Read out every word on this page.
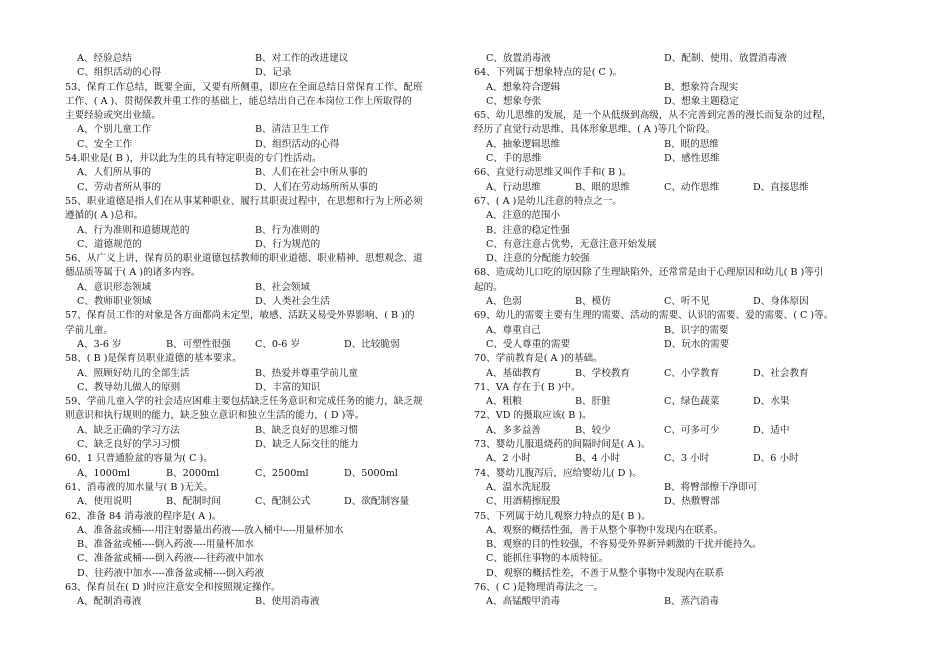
A、经验总结	B、对工作的改进建议
C、组织活动的心得	D、记录
53、保育工作总结，既要全面，又要有所侧重，即应在全面总结日常保育工作、配班
工作、( A )、贯彻保教并重工作的基础上，能总结出自己在本岗位工作上所取得的
主要经验或突出业绩。
A、个别儿童工作	B、清洁卫生工作
C、安全工作	D、组织活动的心得
54.职业是( B )，并以此为生的具有特定职责的专门性活动。
A、人们所从事的	B、人们在社会中所从事的
C、劳动者所从事的	D、人们在劳动场所所从事的
55、职业道德是指人们在从事某种职业、履行其职责过程中，在思想和行为上所必须
遵循的( A )总和。
A、行为准则和道德规范的	B、行为准则的
C、道德规范的	D、行为规范的
56、从广义上讲，保育员的职业道德包括教师的职业道德、职业精神、思想观念、道
德品质等属于( A )的诸多内容。
A、意识形态领域	B、社会领域
C、教师职业领域	D、人类社会生活
57、保育员工作的对象是各方面都尚未定型，敏感、活跃又易受外界影响、( B )的
学前儿童。
A、3-6 岁	B、可塑性很强	C、0-6 岁	D、比较脆弱
58、( B )是保育员职业道德的基本要求。
A、照顾好幼儿的全部生活	B、热爱并尊重学前儿童
C、教导幼儿做人的原则	D、丰富的知识
59、学前儿童入学的社会适应困难主要包括缺乏任务意识和完成任务的能力，缺乏规
则意识和执行规则的能力，缺乏独立意识和独立生活的能力，( D )等。
A、缺乏正确的学习方法	B、缺乏良好的思维习惯
C、缺乏良好的学习习惯	D、缺乏人际交往的能力
60、1 只普通脸盆的容量为( C )。
A、1000ml	B、2000ml	C、2500ml	D、5000ml
61、消毒液的加水量与( B )无关。
A、使用说明	B、配制时间	C、配制公式	D、欲配制容量
62、准备 84 消毒液的程序是( A )。
A、准备盆或桶----用注射器量出药液----放入桶中----用量杯加水
B、准备盆或桶----倒入药液----用量杯加水
C、准备盆或桶----倒入药液----往药液中加水
D、往药液中加水----准备盆或桶----倒入药液
63、保育员在( D )时应注意安全和按照规定操作。
A、配制消毒液	B、使用消毒液
C、放置消毒液	D、配制、使用、放置消毒液
64、下列属于想象特点的是( C )。
A、想象符合逻辑	B、想象符合现实
C、想象夸张	D、想象主题稳定
65、幼儿思维的发展，是一个从低级到高级，从不完善到完善的漫长而复杂的过程，
经历了直觉行动思维、具体形象思维、( A )等几个阶段。
A、抽象逻辑思维	B、眼的思维
C、手的思维	D、感性思维
66、直觉行动思维又叫作手和( B )。
A、行动思维	B、眼的思维	C、动作思维	D、直接思维
67、( A )是幼儿注意的特点之一。
A、注意的范围小
B、注意的稳定性强
C、有意注意占优势，无意注意开始发展
D、注意的分配能力较强
68、造成幼儿口吃的原因除了生理缺陷外，还常常是由于心理原因和幼儿( B )等引
起的。
A、色弱	B、模仿	C、听不见	D、身体原因
69、幼儿的需要主要有生理的需要、活动的需要、认识的需要、爱的需要、( C )等。
A、尊重自己	B、识字的需要
C、受人尊重的需要	D、玩水的需要
70、学前教育是( A )的基础。
A、基础教育	B、学校教育	C、小学教育	D、社会教育
71、VA 存在于( B )中。
A、粗粮	B、肝脏	C、绿色蔬菜	D、水果
72、VD 的摄取应该( B )。
A、多多益善	B、较少	C、可多可少	D、适中
73、婴幼儿服退烧药的间隔时间是( A )。
A、2 小时	B、4 小时	C、3 小时	D、6 小时
74、婴幼儿腹泻后，应给婴幼儿( D )。
A、温水洗屁股	B、将臀部擦干净即可
C、用酒精擦屁股	D、热敷臀部
75、下列属于幼儿观察力特点的是( B )。
A、观察的概括性强，善于从整个事物中发现内在联系。
B、观察的目的性较强，不容易受外界新异刺激的干扰并能持久。
C、能抓住事物的本质特征。
D、观察的概括性差，不善于从整个事物中发现内在联系
76、( C )是物理消毒法之一。
A、高锰酸甲消毒	B、蒸汽消毒
